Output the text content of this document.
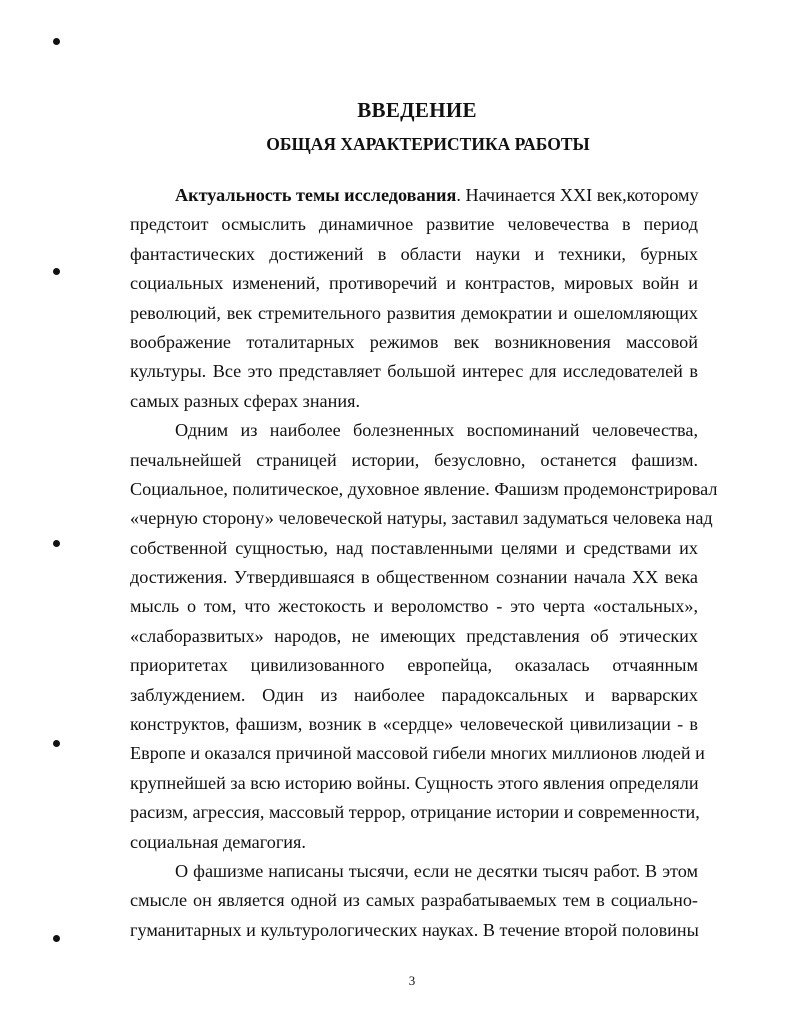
ВВЕДЕНИЕ
ОБЩАЯ ХАРАКТЕРИСТИКА РАБОТЫ
Актуальность темы исследования. Начинается XXI век,которому
предстоит осмыслить динамичное развитие человечества в период
фантастических достижений в области науки и техники, бурных
социальных изменений, противоречий и контрастов, мировых войн и
революций, век стремительного развития демократии и ошеломляющих
воображение тоталитарных режимов век возникновения массовой
культуры. Все это представляет большой интерес для исследователей в
самых разных сферах знания.
Одним из наиболее болезненных воспоминаний человечества,
печальнейшей страницей истории, безусловно, останется фашизм.
Социальное, политическое, духовное явление. Фашизм продемонстрировал
«черную сторону» человеческой натуры, заставил задуматься человека над
собственной сущностью, над поставленными целями и средствами их
достижения. Утвердившаяся в общественном сознании начала XX века
мысль о том, что жестокость и вероломство - это черта «остальных»,
«слаборазвитых» народов, не имеющих представления об этических
приоритетах цивилизованного европейца, оказалась отчаянным
заблуждением. Один из наиболее парадоксальных и варварских
конструктов, фашизм, возник в «сердце» человеческой цивилизации - в
Европе и оказался причиной массовой гибели многих миллионов людей и
крупнейшей за всю историю войны. Сущность этого явления определяли
расизм, агрессия, массовый террор, отрицание истории и современности,
социальная демагогия.
О фашизме написаны тысячи, если не десятки тысяч работ. В этом
смысле он является одной из самых разрабатываемых тем в социально-
гуманитарных и культурологических науках. В течение второй половины
3
